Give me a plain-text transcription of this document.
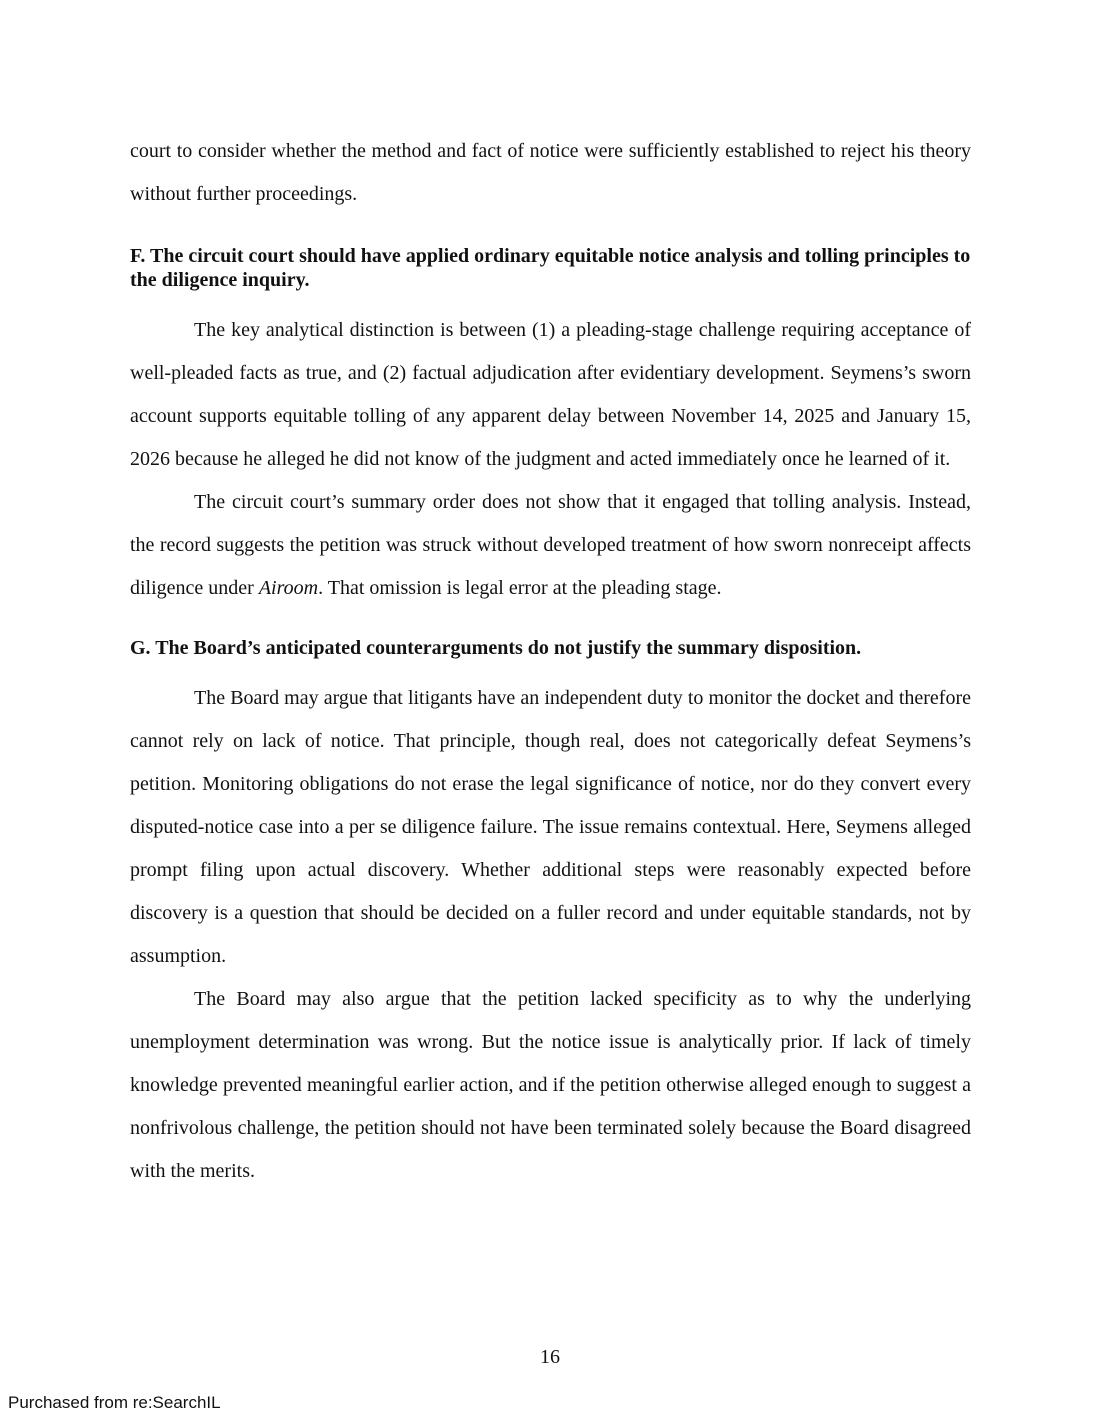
court to consider whether the method and fact of notice were sufficiently established to reject his theory without further proceedings.

F. The circuit court should have applied ordinary equitable notice analysis and tolling principles to the diligence inquiry.

The key analytical distinction is between (1) a pleading-stage challenge requiring acceptance of well-pleaded facts as true, and (2) factual adjudication after evidentiary development. Seymens’s sworn account supports equitable tolling of any apparent delay between November 14, 2025 and January 15, 2026 because he alleged he did not know of the judgment and acted immediately once he learned of it.

The circuit court’s summary order does not show that it engaged that tolling analysis. Instead, the record suggests the petition was struck without developed treatment of how sworn nonreceipt affects diligence under Airoom. That omission is legal error at the pleading stage.

G. The Board’s anticipated counterarguments do not justify the summary disposition.

The Board may argue that litigants have an independent duty to monitor the docket and therefore cannot rely on lack of notice. That principle, though real, does not categorically defeat Seymens’s petition. Monitoring obligations do not erase the legal significance of notice, nor do they convert every disputed-notice case into a per se diligence failure. The issue remains contextual. Here, Seymens alleged prompt filing upon actual discovery. Whether additional steps were reasonably expected before discovery is a question that should be decided on a fuller record and under equitable standards, not by assumption.

The Board may also argue that the petition lacked specificity as to why the underlying unemployment determination was wrong. But the notice issue is analytically prior. If lack of timely knowledge prevented meaningful earlier action, and if the petition otherwise alleged enough to suggest a nonfrivolous challenge, the petition should not have been terminated solely because the Board disagreed with the merits.

16
Purchased from re:SearchIL
